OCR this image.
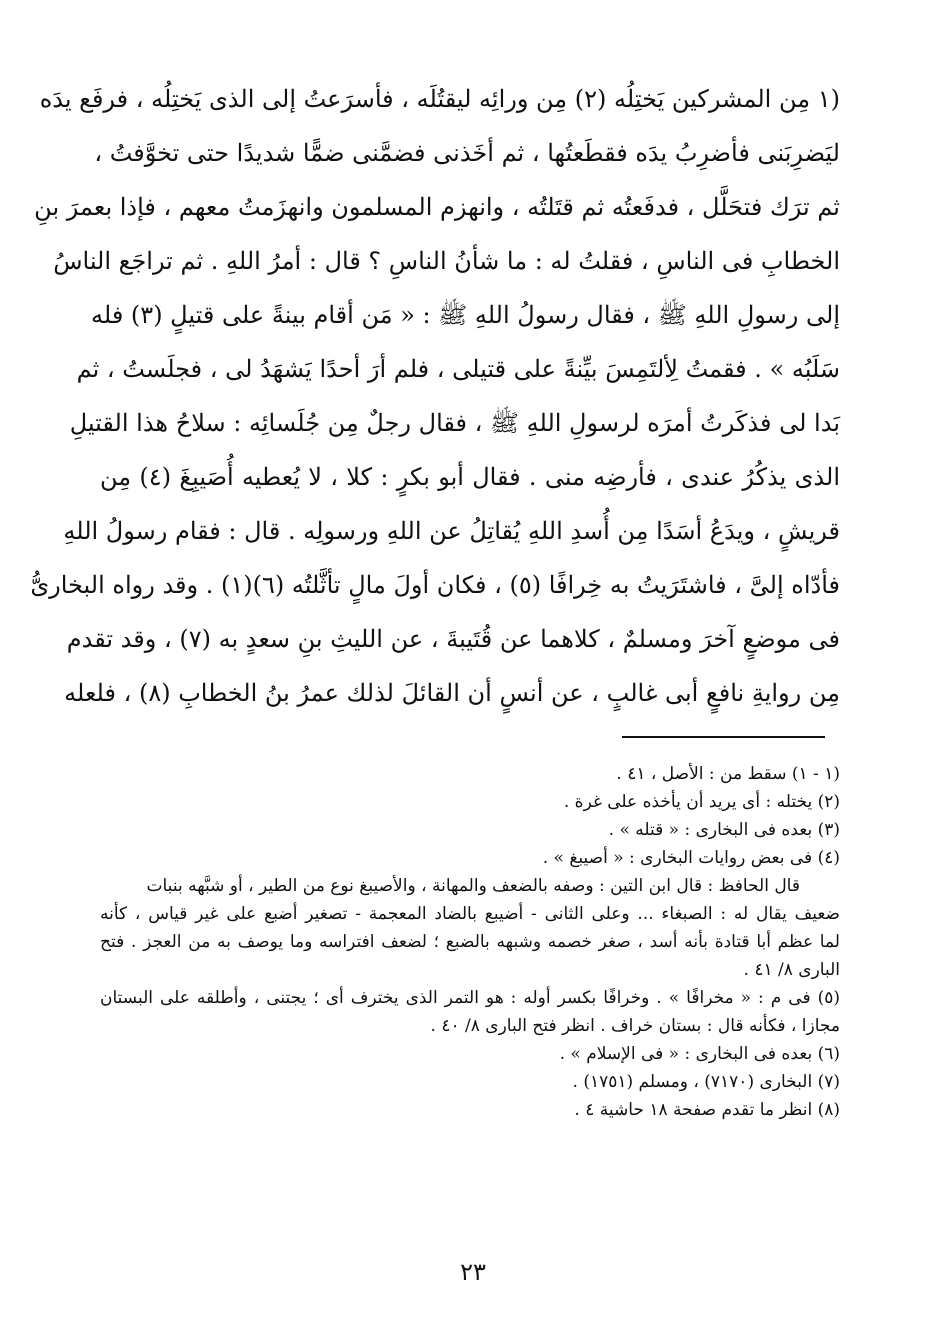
(١ مِن المشركين يَختِلُه (٢) مِن ورائِه ليقتُلَه ، فأسرَعتُ إلى الذى يَختِلُه ، فرفَع يدَه
ليَضرِبَنى فأضرِبُ يدَه فقطَعتُها ، ثم أخَذنى فضمَّنى ضمًّا شديدًا حتى تخوَّفتُ ،
ثم ترَك فتحَلَّل ، فدفَعتُه ثم قتَلتُه ، وانهزم المسلمون وانهزَمتُ معهم ، فإذا بعمرَ بنِ
الخطابِ فى الناسِ ، فقلتُ له : ما شأنُ الناسِ ؟ قال : أمرُ اللهِ . ثم تراجَع الناسُ
إلى رسولِ اللهِ ﷺ ، فقال رسولُ اللهِ ﷺ : « مَن أقام بينةً على قتيلٍ (٣) فله
سَلَبُه » . فقمتُ لِألتَمِسَ بيِّنةً على قتيلى ، فلم أرَ أحدًا يَشهَدُ لى ، فجلَستُ ، ثم
بَدا لى فذكَرتُ أمرَه لرسولِ اللهِ ﷺ ، فقال رجلٌ مِن جُلَسائِه : سلاحُ هذا القتيلِ
الذى يذكُرُ عندى ، فأرضِه منى . فقال أبو بكرٍ : كلا ، لا يُعطيه أُصَيبِغَ (٤) مِن
قريشٍ ، ويدَعُ أسَدًا مِن أُسدِ اللهِ يُقاتِلُ عن اللهِ ورسولِه . قال : فقام رسولُ اللهِ
فأدّاه إلىَّ ، فاشتَرَيتُ به خِرافًا (٥) ، فكان أولَ مالٍ تأثَّلتُه (٦)(١) . وقد رواه البخارىُّ
فى موضعٍ آخرَ ومسلمٌ ، كلاهما عن قُتَيبةَ ، عن الليثِ بنِ سعدٍ به (٧) ، وقد تقدم
مِن روايةِ نافعٍ أبى غالبٍ ، عن أنسٍ أن القائلَ لذلك عمرُ بنُ الخطابِ (٨) ، فلعله
(١ - ١) سقط من : الأصل ، ٤١ .
(٢) يختله : أى يريد أن يأخذه على غرة .
(٣) بعده فى البخارى : « قتله » .
(٤) فى بعض روايات البخارى : « أصيبغ » .
قال الحافظ : قال ابن التين : وصفه بالضعف والمهانة ، والأصيبغ نوع من الطير ، أو شبَّهه بنبات
ضعيف يقال له : الصبغاء ... وعلى الثانى - أضيبع بالضاد المعجمة - تصغير أضبع على غير قياس ، كأنه
لما عظم أبا قتادة بأنه أسد ، صغر خصمه وشبهه بالضبع ؛ لضعف افتراسه وما يوصف به من العجز . فتح
البارى ٨/ ٤١ .
(٥) فى م : « مخرافًا » . وخرافًا بكسر أوله : هو التمر الذى يخترف أى ؛ يجتنى ، وأطلقه على البستان
مجازا ، فكأنه قال : بستان خراف . انظر فتح البارى ٨/ ٤٠ .
(٦) بعده فى البخارى : « فى الإسلام » .
(٧) البخارى (٧١٧٠) ، ومسلم (١٧٥١) .
(٨) انظر ما تقدم صفحة ١٨ حاشية ٤ .
٢٣
